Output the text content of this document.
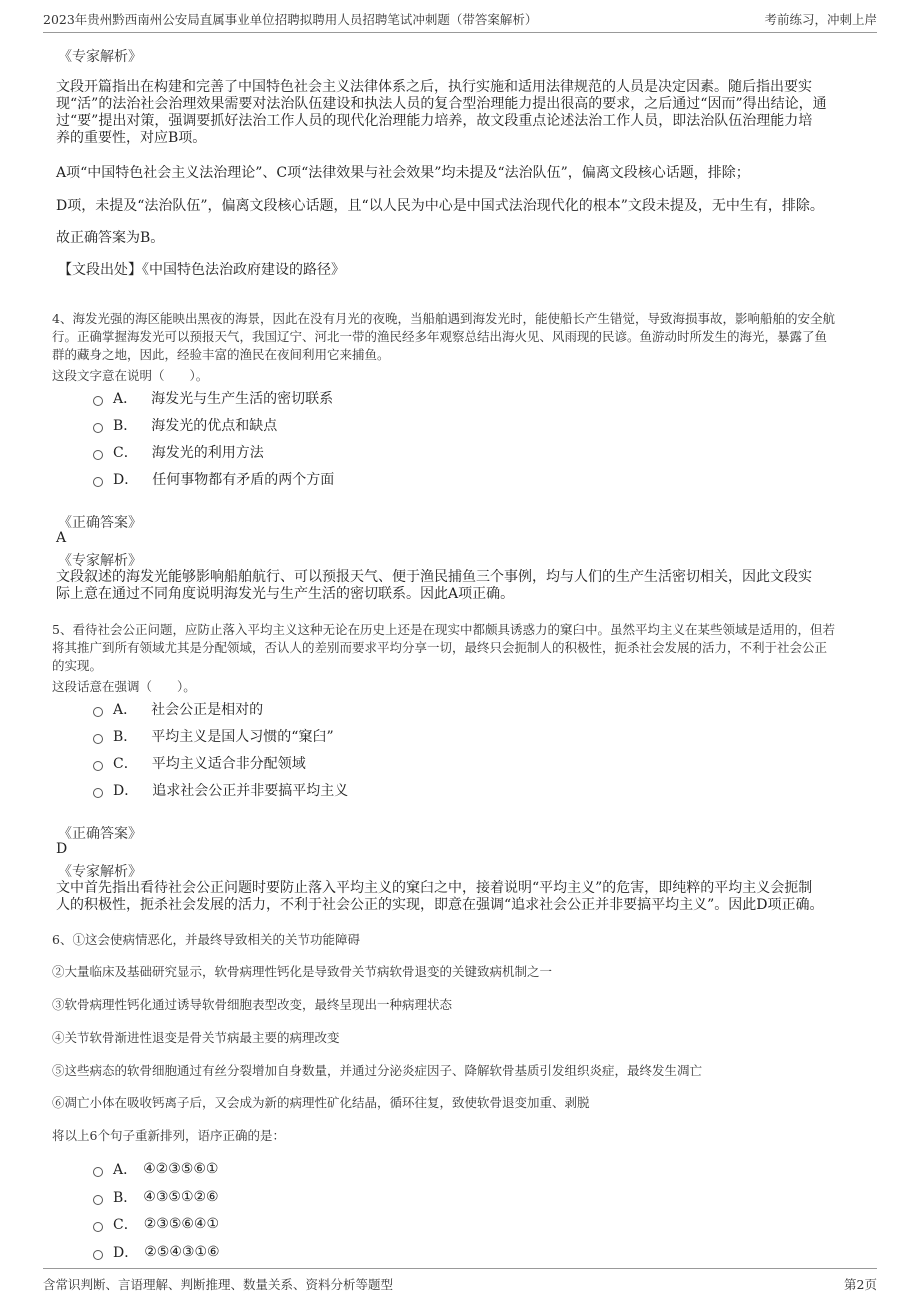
2023年贵州黔西南州公安局直属事业单位招聘拟聘用人员招聘笔试冲刺题（带答案解析）	考前练习，冲刺上岸
《专家解析》
文段开篇指出在构建和完善了中国特色社会主义法律体系之后，执行实施和适用法律规范的人员是决定因素。随后指出要实
现“活”的法治社会治理效果需要对法治队伍建设和执法人员的复合型治理能力提出很高的要求，之后通过“因而”得出结论，通
过“要”提出对策，强调要抓好法治工作人员的现代化治理能力培养，故文段重点论述法治工作人员，即法治队伍治理能力培
养的重要性，对应B项。
A项“中国特色社会主义法治理论”、C项“法律效果与社会效果”均未提及“法治队伍”，偏离文段核心话题，排除；
D项，未提及“法治队伍”，偏离文段核心话题，且“以人民为中心是中国式法治现代化的根本”文段未提及，无中生有，排除。
故正确答案为B。
【文段出处】《中国特色法治政府建设的路径》
4、海发光强的海区能映出黑夜的海景，因此在没有月光的夜晚，当船舶遇到海发光时，能使船长产生错觉，导致海损事故，影响船舶的安全航
行。正确掌握海发光可以预报天气，我国辽宁、河北一带的渔民经多年观察总结出海火见、风雨现的民谚。鱼游动时所发生的海光，暴露了鱼
群的藏身之地，因此，经验丰富的渔民在夜间利用它来捕鱼。
这段文字意在说明（　　）。
A． 海发光与生产生活的密切联系
B． 海发光的优点和缺点
C． 海发光的利用方法
D． 任何事物都有矛盾的两个方面
《正确答案》
A
《专家解析》
文段叙述的海发光能够影响船舶航行、可以预报天气、便于渔民捕鱼三个事例，均与人们的生产生活密切相关，因此文段实
际上意在通过不同角度说明海发光与生产生活的密切联系。因此A项正确。
5、看待社会公正问题，应防止落入平均主义这种无论在历史上还是在现实中都颇具诱惑力的窠臼中。虽然平均主义在某些领域是适用的，但若
将其推广到所有领域尤其是分配领域，否认人的差别而要求平均分享一切，最终只会扼制人的积极性，扼杀社会发展的活力，不利于社会公正
的实现。
这段话意在强调（　　）。
A． 社会公正是相对的
B． 平均主义是国人习惯的“窠臼”
C． 平均主义适合非分配领域
D． 追求社会公正并非要搞平均主义
《正确答案》
D
《专家解析》
文中首先指出看待社会公正问题时要防止落入平均主义的窠臼之中，接着说明“平均主义”的危害，即纯粹的平均主义会扼制
人的积极性，扼杀社会发展的活力，不利于社会公正的实现，即意在强调“追求社会公正并非要搞平均主义”。因此D项正确。
6、①这会使病情恶化，并最终导致相关的关节功能障碍
②大量临床及基础研究显示，软骨病理性钙化是导致骨关节病软骨退变的关键致病机制之一
③软骨病理性钙化通过诱导软骨细胞表型改变，最终呈现出一种病理状态
④关节软骨渐进性退变是骨关节病最主要的病理改变
⑤这些病态的软骨细胞通过有丝分裂增加自身数量，并通过分泌炎症因子、降解软骨基质引发组织炎症，最终发生凋亡
⑥凋亡小体在吸收钙离子后，又会成为新的病理性矿化结晶，循环往复，致使软骨退变加重、剥脱
将以上6个句子重新排列，语序正确的是：
A． ④②③⑤⑥①
B． ④③⑤①②⑥
C． ②③⑤⑥④①
D． ②⑤④③①⑥
含常识判断、言语理解、判断推理、数量关系、资料分析等题型	第2页
